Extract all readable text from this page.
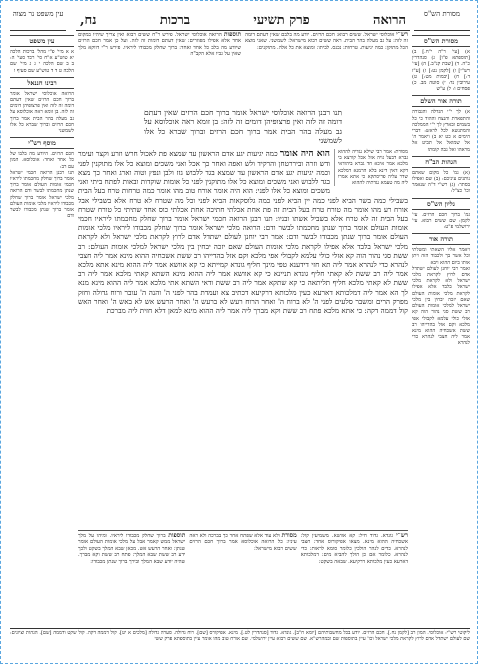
מסורת הש"ס
הרואה
פרק תשיעי
ברכות
נח,
עין משפט נר מצוה
מסורת הש"ס
א) [עי' ר"ה י"ח.] ב) [תוספתא פ"ו] ג) סנהדרין כ"ה. ד) [שבת קנ"ב.] ה) [עי' רש"י] ו) [לקמן נט:] ז) [ע"ז ד:] ח) [יבמות מט:] ט) עירובין נד: י) סוטה מב. כ) פסחים ו: ל) ע"ש
תורה אור השלם
א) לך י"י הגדלה והגבורה והתפארת והנצח וההוד כי כל בשמים ובארץ לך י"י הממלכה והמתנשא לכל לראש: דברי הימים א כט יא ב) ויאמר ה' אל שמואל אל תביט אל מראהו ואל גבה קומתו
הגהות הב"ח
(א) גמ' כל מקום שאתם נותנים עיניכם: (ב) שם ואפילו בסתר: (ג) רש"י ד"ה שנאמר וכו' כצ"ל:
גליון הש"ס
גמ' ברוך חכם הרזים. עי' לקמן: שם ששים רבוא. עי' ירושלמי פ"ט:
תורה אור
ויאמר אליו השאתי ומשלתי וכל אשר בך ולכבוד הזה ויתן אותו ביום ההוא ויבא
ואמר רבי יוחנן לעולם ישתדל אדם לרוץ לקראת מלכי ישראל ולא לקראת מלכי ישראל בלבד אלא אפילו לקראת מלכי אומות העולם שאם יזכה יבחין בין מלכי ישראל למלכי אומות העולם רב ששת סגי נהור הוה קא אזלי כולי עלמא לקבולי אפי מלכא וקם אזל בהדייהו רב ששת אשכחיה ההוא מינא אמר ליה חצבי לנהרא כדי לנהרא
עין משפט
א א מיי' פ"י מהל' ברכות הלכה יא טוש"ע א"ח סי' רכד סעי' ה: ב ב שם הלכה י ג ג מיי' שם הלכה ט ד ד טוש"ע שם סעיף ו
רבינו חננאל
הרואה אוכלוסי ישראל אומר ברוך חכם הרזים שאין דעתם דומה זה לזה ואין פרצופיהן דומים זה לזה. בן זומא ראה אוכלוסא על גב מעלה בהר הבית אמר ברוך חכם הרזים וברוך שברא כל אלו לשמשני
מוסף רש"י
חכם הרזים. היודע מה בלבו של כל אחד ואחד: אוכלוסא. המון עם רב:
תנו רבנן הרואה חכמי ישראל אומר ברוך שחלק מחכמתו ליראיו חכמי אומות העולם אומר ברוך שנתן מחכמתו לבשר ודם הרואה מלכי ישראל אומר ברוך שחלק מכבודו ליראיו מלכי אומות העולם אומר ברוך שנתן מכבודו לבשר ודם
רש"י אוכלוסי ישראל. ששים רבוא: חכם הרזים. יודע מה בלבם שאין דעתם דומה זה לזה: על גב מעלה בהר הבית. ראה ששים רבוא מישראל: לשמשני. שאני מוצא הכל מתוקן: כמה יגיעות. טרחות: נכנס. לביתו: ומוצא את כל אלה. מתוקנים:
תוספות הרואה אוכלוסי ישראל. פירש ר"ח ששים רבוא ואין צריך שיהיו במקום אחד אלא אפילו מפוזרים: שאין דעתם דומות זה לזה. ועל כן אמר חכם הרזים שיודע מה בלב כל אחד ואחד: ברוך שחלק מכבודו ליראיו. פירש ר"י דווקא מלך שאין על גביו אלא הקב"ה
תנו רבנן הרואה אוכלוסי ישראל אומר ברוך חכם הרזים שאין דעתם דומה זה לזה ואין פרצופיהן דומים זה לזה: בן זומא ראה אוכלוסא על גב מעלה בהר הבית אמר ברוך חכם הרזים וברוך שברא כל אלו לשמשני
מסורת: אמר רבי שילא נגדיה לההוא גברא דבעל גויה אזל אכל קורצא בי מלכא אמר איכא חד גברא ביהודאי דקא דאין דינא בלא הרמנא דמלכא שדר עליה פריסתקא כי אתא אמרו ליה מה טעמא נגדתיה לההוא
הוא היה אומר כמה יגיעות יגע אדם הראשון עד שמצא פת לאכול חרש וזרע וקצר ועימר ודש וזרה וביררטחן והרקיד ולש ואפה ואחר כך אכל ואני משכים ומוצא כל אלו מתוקנין לפני וכמה יגיעות יגע אדם הראשון עד שמצא בגד ללבוש גזז ולבן ונפץ וטוה וארג ואחר כך מצא בגד ללבוש ואני משכים ומוצא כל אלו מתוקנין לפני כל אומות שוקדות ובאות לפתח ביתי ואני משכים ומוצא כל אלו לפני: הוא היה אומר אורח טוב מהו אומר כמה טרחות טרח בעל הבית בשבילי כמה בשר הביא לפני כמה יין הביא לפני כמה גלוסקאות הביא לפני וכל מה שטרח לא טרח אלא בשבילי אבל אורח רע מהו אומר מה טורח טרח בעל הבית זה פת אחת אכלתי חתיכה אחת אכלתי כוס אחד שתיתי כל טורח שטרח בעל הבית זה לא טרח אלא בשביל אשתו ובניו: תנו רבנן הרואה חכמי ישראל אומר ברוך שחלק מחכמתו ליראיו חכמי אומות העולם אומר ברוך שנתן מחכמתו לבשר ודם: הרואה מלכי ישראל אומר ברוך שחלק מכבודו ליראיו מלכי אומות העולם אומר ברוך שנתן מכבודו לבשר ודם: אמר רבי יוחנן לעולם ישתדל אדם לרוץ לקראת מלכי ישראל ולא לקראת מלכי ישראל בלבד אלא אפילו לקראת מלכי אומות העולם שאם יזכה יבחין בין מלכי ישראל למלכי אומות העולם: רב ששת סגי נהור הוה קא אזלי כולי עלמא לקבולי אפי מלכא וקם אזל בהדייהו רב ששת אשכחיה ההוא מינא אמר ליה חצבי לנהרא כדי לנהרא אמר ליה תא חזי דידענא טפי מינך חליף גונדא קמייתא כי קא אוושא אמר ליה ההוא מינא אתא מלכא אמר ליה רב ששת לא קאתי חליף גונדא תניינא כי קא אוושא אמר ליה ההוא מינא השתא קאתי מלכא אמר ליה רב ששת לא קאתי מלכא חליף תליתאה כי קא שתקא אמר ליה רב ששת ודאי השתא אתי מלכא אמר ליה ההוא מינא מנא לך הא אמר ליה דמלכותא דארעא כעין מלכותא דרקיעא דכתיב צא ועמדת בהר לפני ה' והנה ה' עובר ורוח גדולה וחזק מפרק הרים ומשבר סלעים לפני ה' לא ברוח ה' ואחר הרוח רעש לא ברעש ה' ואחר הרעש אש לא באש ה' ואחר האש קול דממה דקה: כי אתא מלכא פתח רב ששת וקא מברך ליה אמר ליה ההוא מינא למאן דלא חזית ליה מברכת
רש"י גונדא. גדוד חיל: קא אוושא. משמיעין קול: אשכחיה ההוא מינא. מצאו אפיקורוס אחד: חצבי לנהרא. כדים לנהר הולכין כלומר סומא לראות: כדי לנהרא. כלומר אם כן הולך להביא מים: דמלכותא דארעא כעין מלכותא דרקיעא. שבאה בשקט:
מסורת ולא עוד אלא שפתח אחר כך בברכה ולא ראה עיניו: כל הרואה אוכלוסא אמר ברוך חכם הרזים ששים רבוא מישראל:
תוספות ברוך שחלק מכבודו ליראיו. ומיהו על מלך ישראל ממש קאמר אבל על מלכי אומות העולם אומר שנתן: ואחר הרעש אש. מכאן שבא המלך בשקט ולכך ידע רב ששת שבא המלך: פתח רב ששת וקא מברך. שהיה יודע שבא המלך ובירך ברוך שנתן מכבודו:
ליקוטי רש"י: אוכלוסי. המון רב [לקמן נח.]. חכם הרזים. יודע בכל מחשבותיהם [יומא ח"ב]. גונדא. גדוד [סנהדרין לט.]. מינא. אפיקורס [שם]. רוח גדולה. סערה גדולה [מלכים א יט]. קול דממה דקה. קול שקט ודממה [שם]. הגהות וציונים: שם לעולם ישתדל אדם לרוץ לקראת מלכי ישראל וכו' עיין בתוספות שם ובמהרש"א. שם ששים רבוא עיין ירושלמי. שם אורח טוב מהו אומר עיין בתוספתא פרק ששי
